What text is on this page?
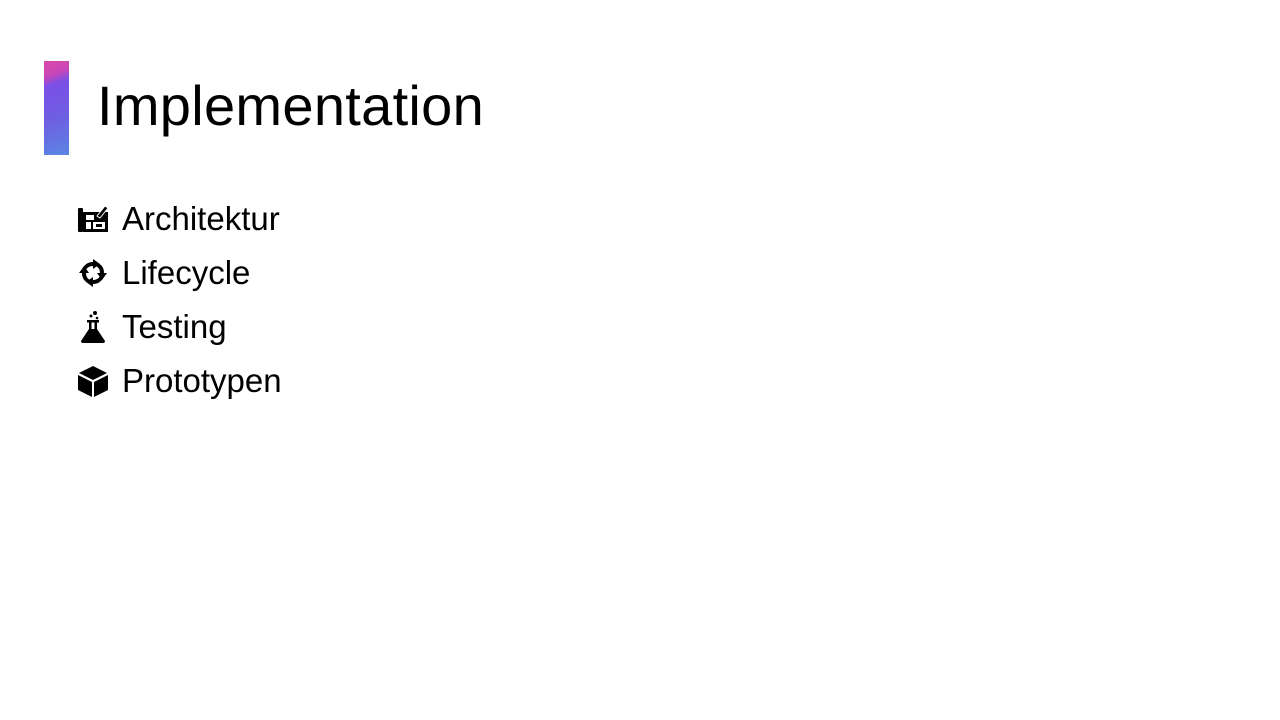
Implementation
Architektur
Lifecycle
Testing
Prototypen
